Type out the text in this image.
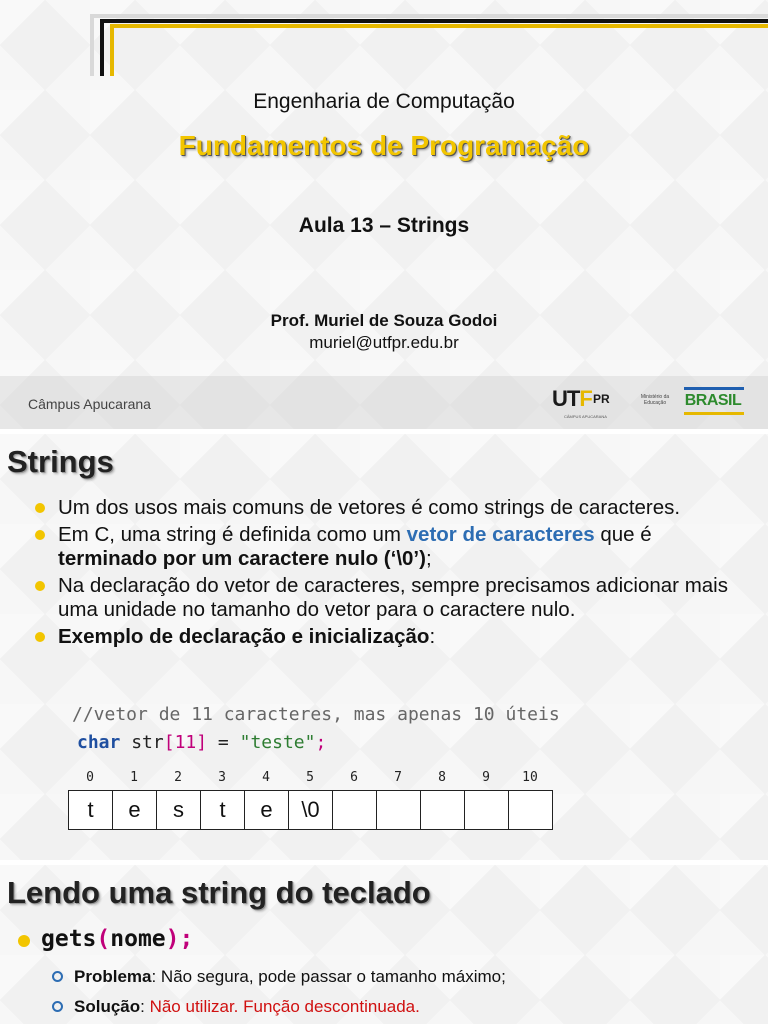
Engenharia de Computação
Fundamentos de Programação
Aula 13 – Strings
Prof. Muriel de Souza Godoi
muriel@utfpr.edu.br
Câmpus Apucarana	UTF PR
CÂMPUS APUCARANA
Ministério da Educação	BRASIL
Strings
Um dos usos mais comuns de vetores é como strings de caracteres.
Em C, uma string é definida como um vetor de caracteres que é terminado por um caractere nulo (‘\0’);
Na declaração do vetor de caracteres, sempre precisamos adicionar mais uma unidade no tamanho do vetor para o caractere nulo.
Exemplo de declaração e inicialização:
//vetor de 11 caracteres, mas apenas 10 úteis
char str[11] = "teste";
0	1	2	3	4	5	6	7	8	9	10
t	e	s	t	e	\0
Lendo uma string do teclado
gets(nome);
Problema: Não segura, pode passar o tamanho máximo;
Solução: Não utilizar. Função descontinuada.
